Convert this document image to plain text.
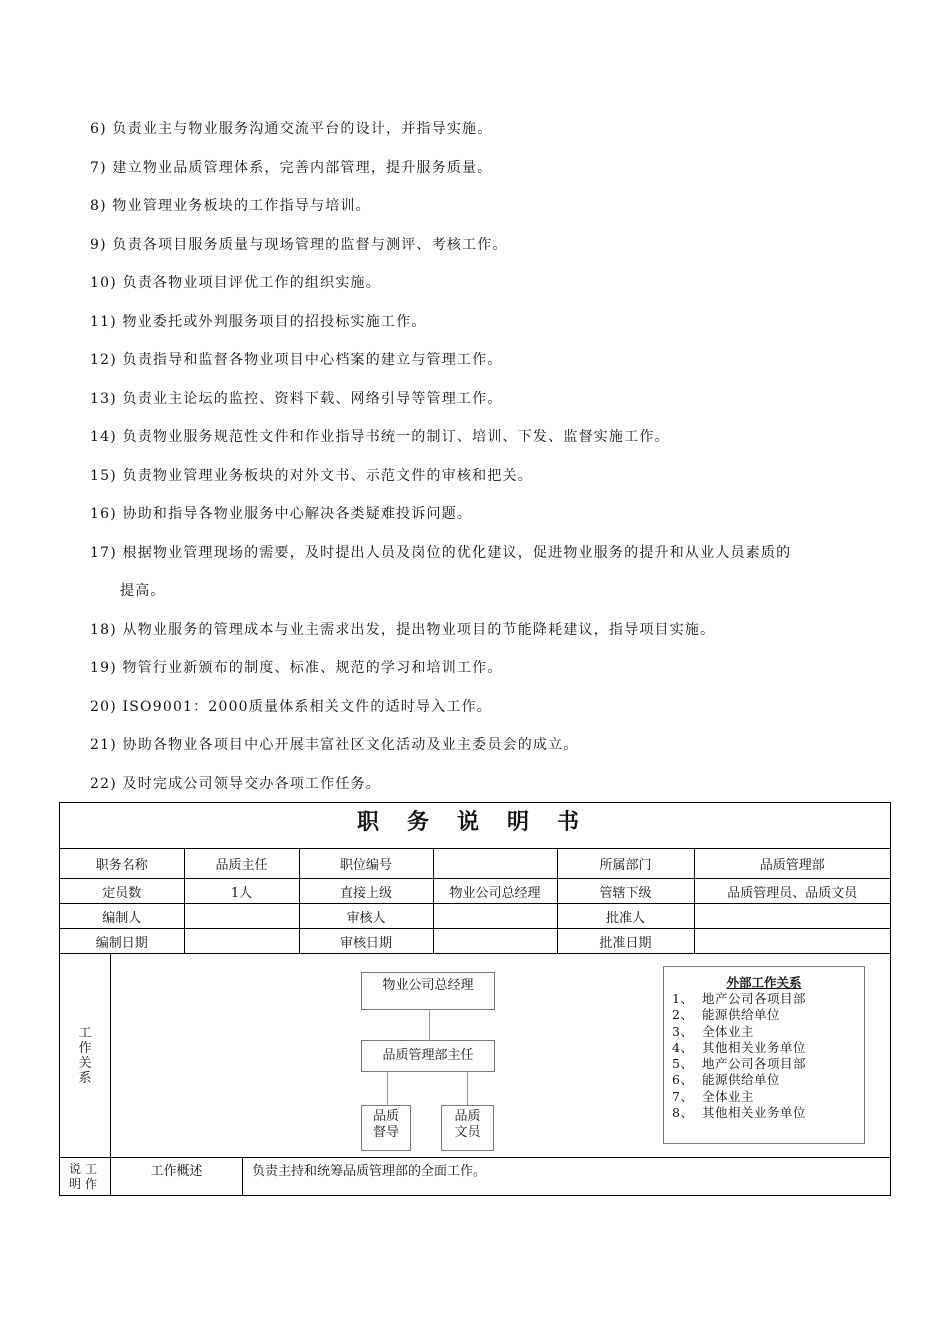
6) 负责业主与物业服务沟通交流平台的设计，并指导实施。
7) 建立物业品质管理体系，完善内部管理，提升服务质量。
8) 物业管理业务板块的工作指导与培训。
9) 负责各项目服务质量与现场管理的监督与测评、考核工作。
10) 负责各物业项目评优工作的组织实施。
11) 物业委托或外判服务项目的招投标实施工作。
12) 负责指导和监督各物业项目中心档案的建立与管理工作。
13) 负责业主论坛的监控、资料下载、网络引导等管理工作。
14) 负责物业服务规范性文件和作业指导书统一的制订、培训、下发、监督实施工作。
15) 负责物业管理业务板块的对外文书、示范文件的审核和把关。
16) 协助和指导各物业服务中心解决各类疑难投诉问题。
17) 根据物业管理现场的需要，及时提出人员及岗位的优化建议，促进物业服务的提升和从业人员素质的
提高。
18) 从物业服务的管理成本与业主需求出发，提出物业项目的节能降耗建议，指导项目实施。
19) 物管行业新颁布的制度、标准、规范的学习和培训工作。
20) ISO9001：2000质量体系相关文件的适时导入工作。
21) 协助各物业各项目中心开展丰富社区文化活动及业主委员会的成立。
22) 及时完成公司领导交办各项工作任务。
职务说明书
职务名称	品质主任	职位编号		所属部门	品质管理部
定员数	1人	直接上级	物业公司总经理	管辖下级	品质管理员、品质文员
编制人		审核人		批准人	
编制日期		审核日期		批准日期	
工
作
关
系
物业公司总经理
品质管理部主任
品质
督导
品质
文员
外部工作关系
1、 地产公司各项目部
2、 能源供给单位
3、 全体业主
4、 其他相关业务单位
5、 地产公司各项目部
6、 能源供给单位
7、 全体业主
8、 其他相关业务单位
说
明
工
作
工作概述	负责主持和统筹品质管理部的全面工作。
